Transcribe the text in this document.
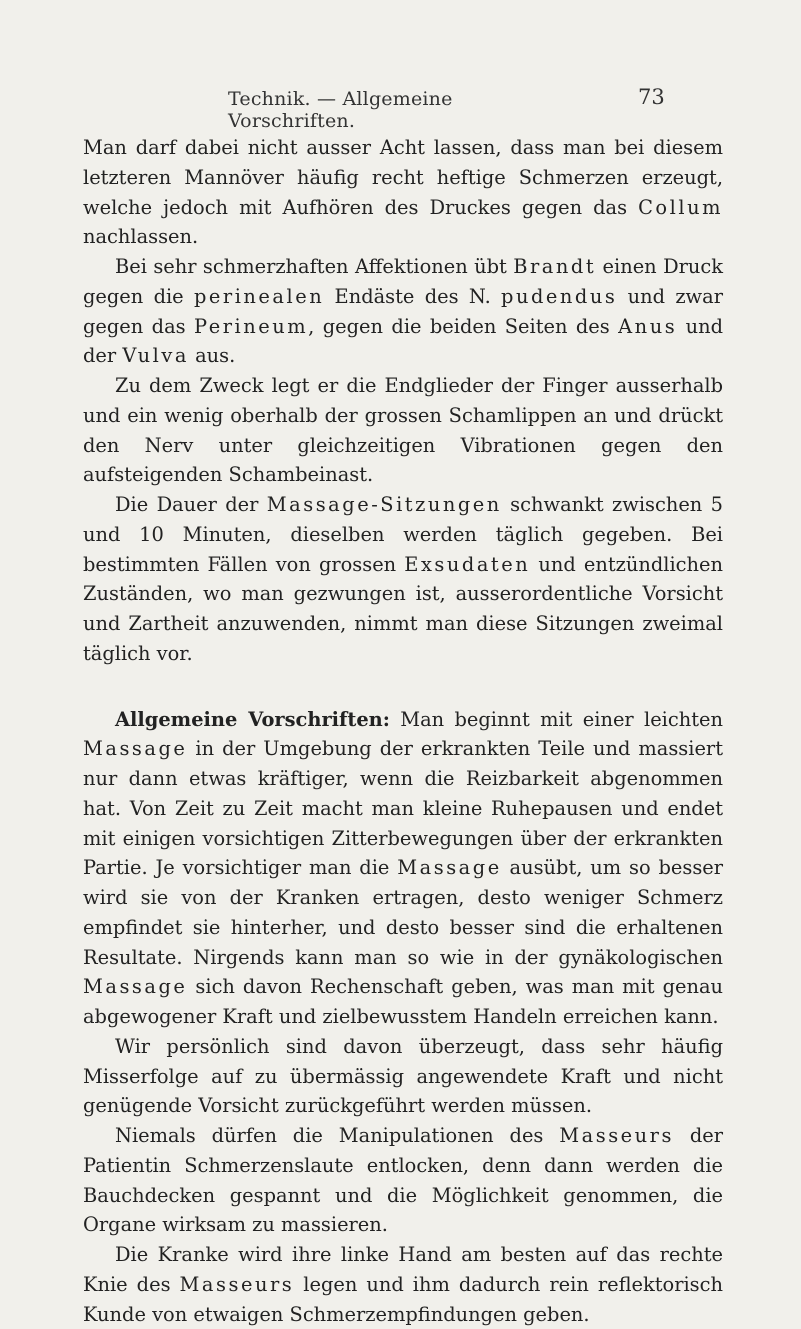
Technik. — Allgemeine Vorschriften.
73

Man darf dabei nicht ausser Acht lassen, dass man bei diesem letzteren Mannöver häufig recht heftige Schmerzen erzeugt, welche jedoch mit Aufhören des Druckes gegen das Collum nachlassen.

Bei sehr schmerzhaften Affektionen übt Brandt einen Druck gegen die perinealen Endäste des N. pudendus und zwar gegen das Perineum, gegen die beiden Seiten des Anus und der Vulva aus.

Zu dem Zweck legt er die Endglieder der Finger ausserhalb und ein wenig oberhalb der grossen Schamlippen an und drückt den Nerv unter gleichzeitigen Vibrationen gegen den aufsteigenden Schambeinast.

Die Dauer der Massage-Sitzungen schwankt zwischen 5 und 10 Minuten, dieselben werden täglich gegeben. Bei bestimmten Fällen von grossen Exsudaten und entzündlichen Zuständen, wo man gezwungen ist, ausserordentliche Vorsicht und Zartheit anzuwenden, nimmt man diese Sitzungen zweimal täglich vor.

Allgemeine Vorschriften: Man beginnt mit einer leichten Massage in der Umgebung der erkrankten Teile und massiert nur dann etwas kräftiger, wenn die Reizbarkeit abgenommen hat. Von Zeit zu Zeit macht man kleine Ruhepausen und endet mit einigen vorsichtigen Zitterbewegungen über der erkrankten Partie. Je vorsichtiger man die Massage ausübt, um so besser wird sie von der Kranken ertragen, desto weniger Schmerz empfindet sie hinterher, und desto besser sind die erhaltenen Resultate. Nirgends kann man so wie in der gynäkologischen Massage sich davon Rechenschaft geben, was man mit genau abgewogener Kraft und zielbewusstem Handeln erreichen kann.

Wir persönlich sind davon überzeugt, dass sehr häufig Misserfolge auf zu übermässig angewendete Kraft und nicht genügende Vorsicht zurückgeführt werden müssen.

Niemals dürfen die Manipulationen des Masseurs der Patientin Schmerzenslaute entlocken, denn dann werden die Bauchdecken gespannt und die Möglichkeit genommen, die Organe wirksam zu massieren.

Die Kranke wird ihre linke Hand am besten auf das rechte Knie des Masseurs legen und ihm dadurch rein reflektorisch Kunde von etwaigen Schmerzempfindungen geben.
